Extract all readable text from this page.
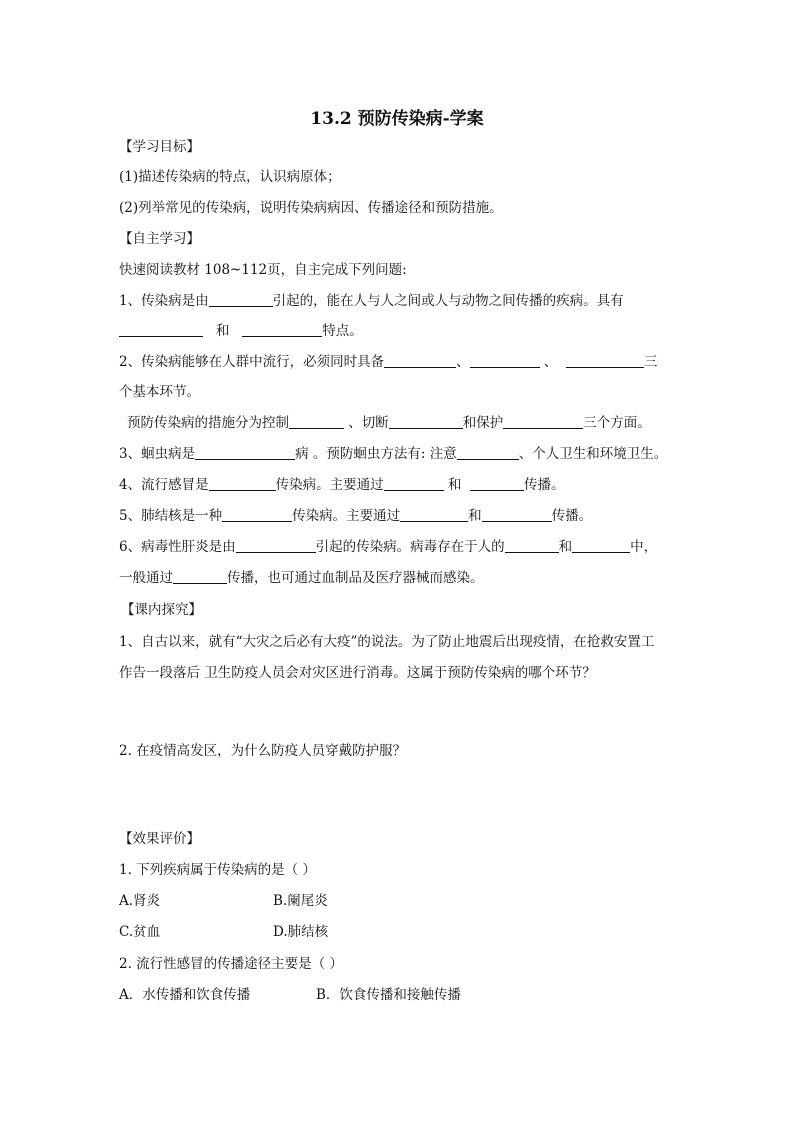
13.2 预防传染病-学案
【学习目标】
(1)描述传染病的特点，认识病原体；
(2)列举常见的传染病，说明传染病病因、传播途径和预防措施。
【自主学习】
快速阅读教材 108~112页，自主完成下列问题:
1、传染病是由	引起的，能在人与人之间或人与动物之间传播的疾病。具有
和	特点。
2、传染病能够在人群中流行，必须同时具备	、	、	三
个基本环节。
预防传染病的措施分为控制	、切断	和保护	三个方面。
3、蛔虫病是	病 。预防蛔虫方法有: 注意	、个人卫生和环境卫生。
4、流行感冒是	传染病。主要通过	和	传播。
5、肺结核是一种	传染病。主要通过	和	传播。
6、病毒性肝炎是由	引起的传染病。病毒存在于人的	和	中，
一般通过	传播，也可通过血制品及医疗器械而感染。
【课内探究】
1、自古以来，就有“大灾之后必有大疫”的说法。为了防止地震后出现疫情，在抢救安置工
作告一段落后 卫生防疫人员会对灾区进行消毒。这属于预防传染病的哪个环节？
2. 在疫情高发区，为什么防疫人员穿戴防护服？
【效果评价】
1. 下列疾病属于传染病的是（ ）
A.肾炎	B.阑尾炎
C.贫血	D.肺结核
2. 流行性感冒的传播途径主要是（ ）
A．水传播和饮食传播	B．饮食传播和接触传播
